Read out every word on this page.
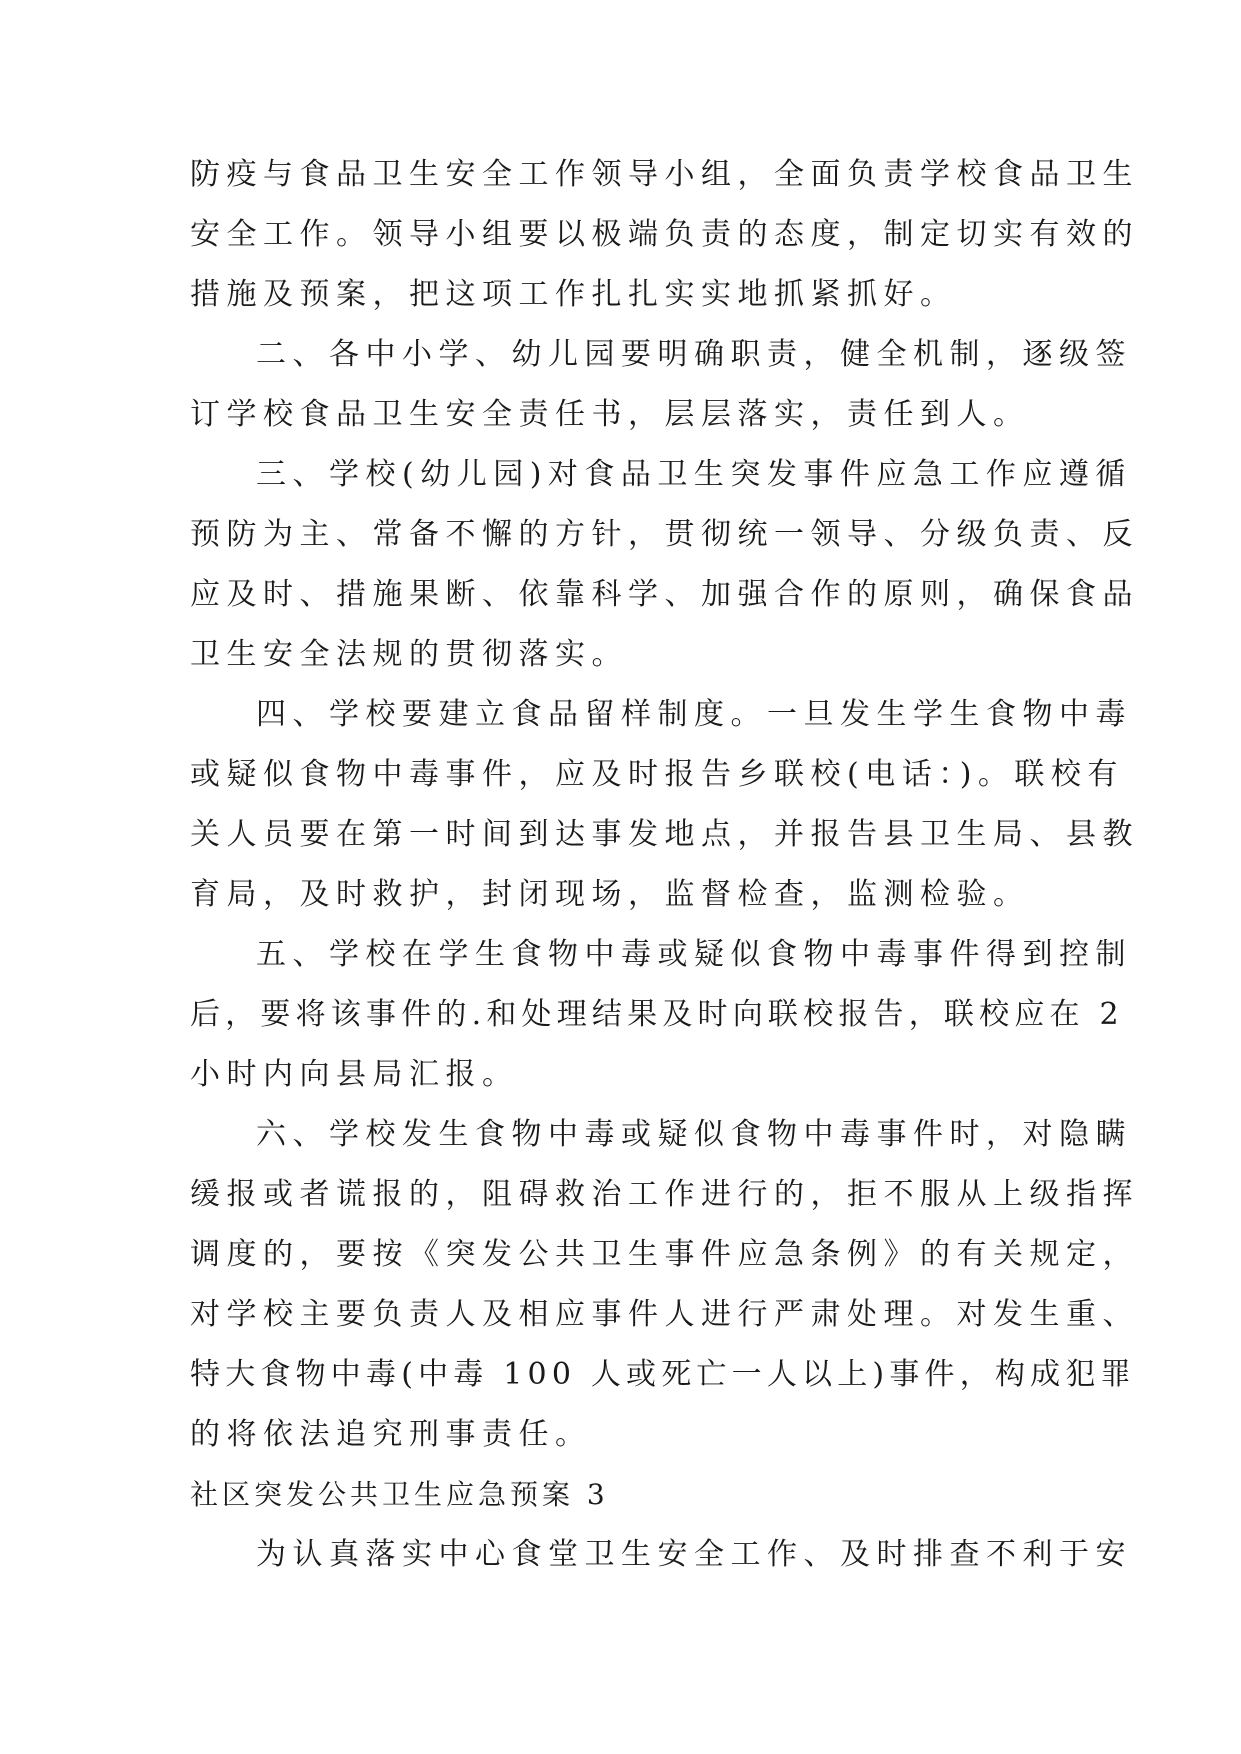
防疫与食品卫生安全工作领导小组，全面负责学校食品卫生
安全工作。领导小组要以极端负责的态度，制定切实有效的
措施及预案，把这项工作扎扎实实地抓紧抓好。
二、各中小学、幼儿园要明确职责，健全机制，逐级签
订学校食品卫生安全责任书，层层落实，责任到人。
三、学校(幼儿园)对食品卫生突发事件应急工作应遵循
预防为主、常备不懈的方针，贯彻统一领导、分级负责、反
应及时、措施果断、依靠科学、加强合作的原则，确保食品
卫生安全法规的贯彻落实。
四、学校要建立食品留样制度。一旦发生学生食物中毒
或疑似食物中毒事件，应及时报告乡联校(电话：)。联校有
关人员要在第一时间到达事发地点，并报告县卫生局、县教
育局，及时救护，封闭现场，监督检查，监测检验。
五、学校在学生食物中毒或疑似食物中毒事件得到控制
后，要将该事件的.和处理结果及时向联校报告，联校应在 2
小时内向县局汇报。
六、学校发生食物中毒或疑似食物中毒事件时，对隐瞒
缓报或者谎报的，阻碍救治工作进行的，拒不服从上级指挥
调度的，要按《突发公共卫生事件应急条例》的有关规定，
对学校主要负责人及相应事件人进行严肃处理。对发生重、
特大食物中毒(中毒 100 人或死亡一人以上)事件，构成犯罪
的将依法追究刑事责任。
社区突发公共卫生应急预案 3
为认真落实中心食堂卫生安全工作、及时排查不利于安
